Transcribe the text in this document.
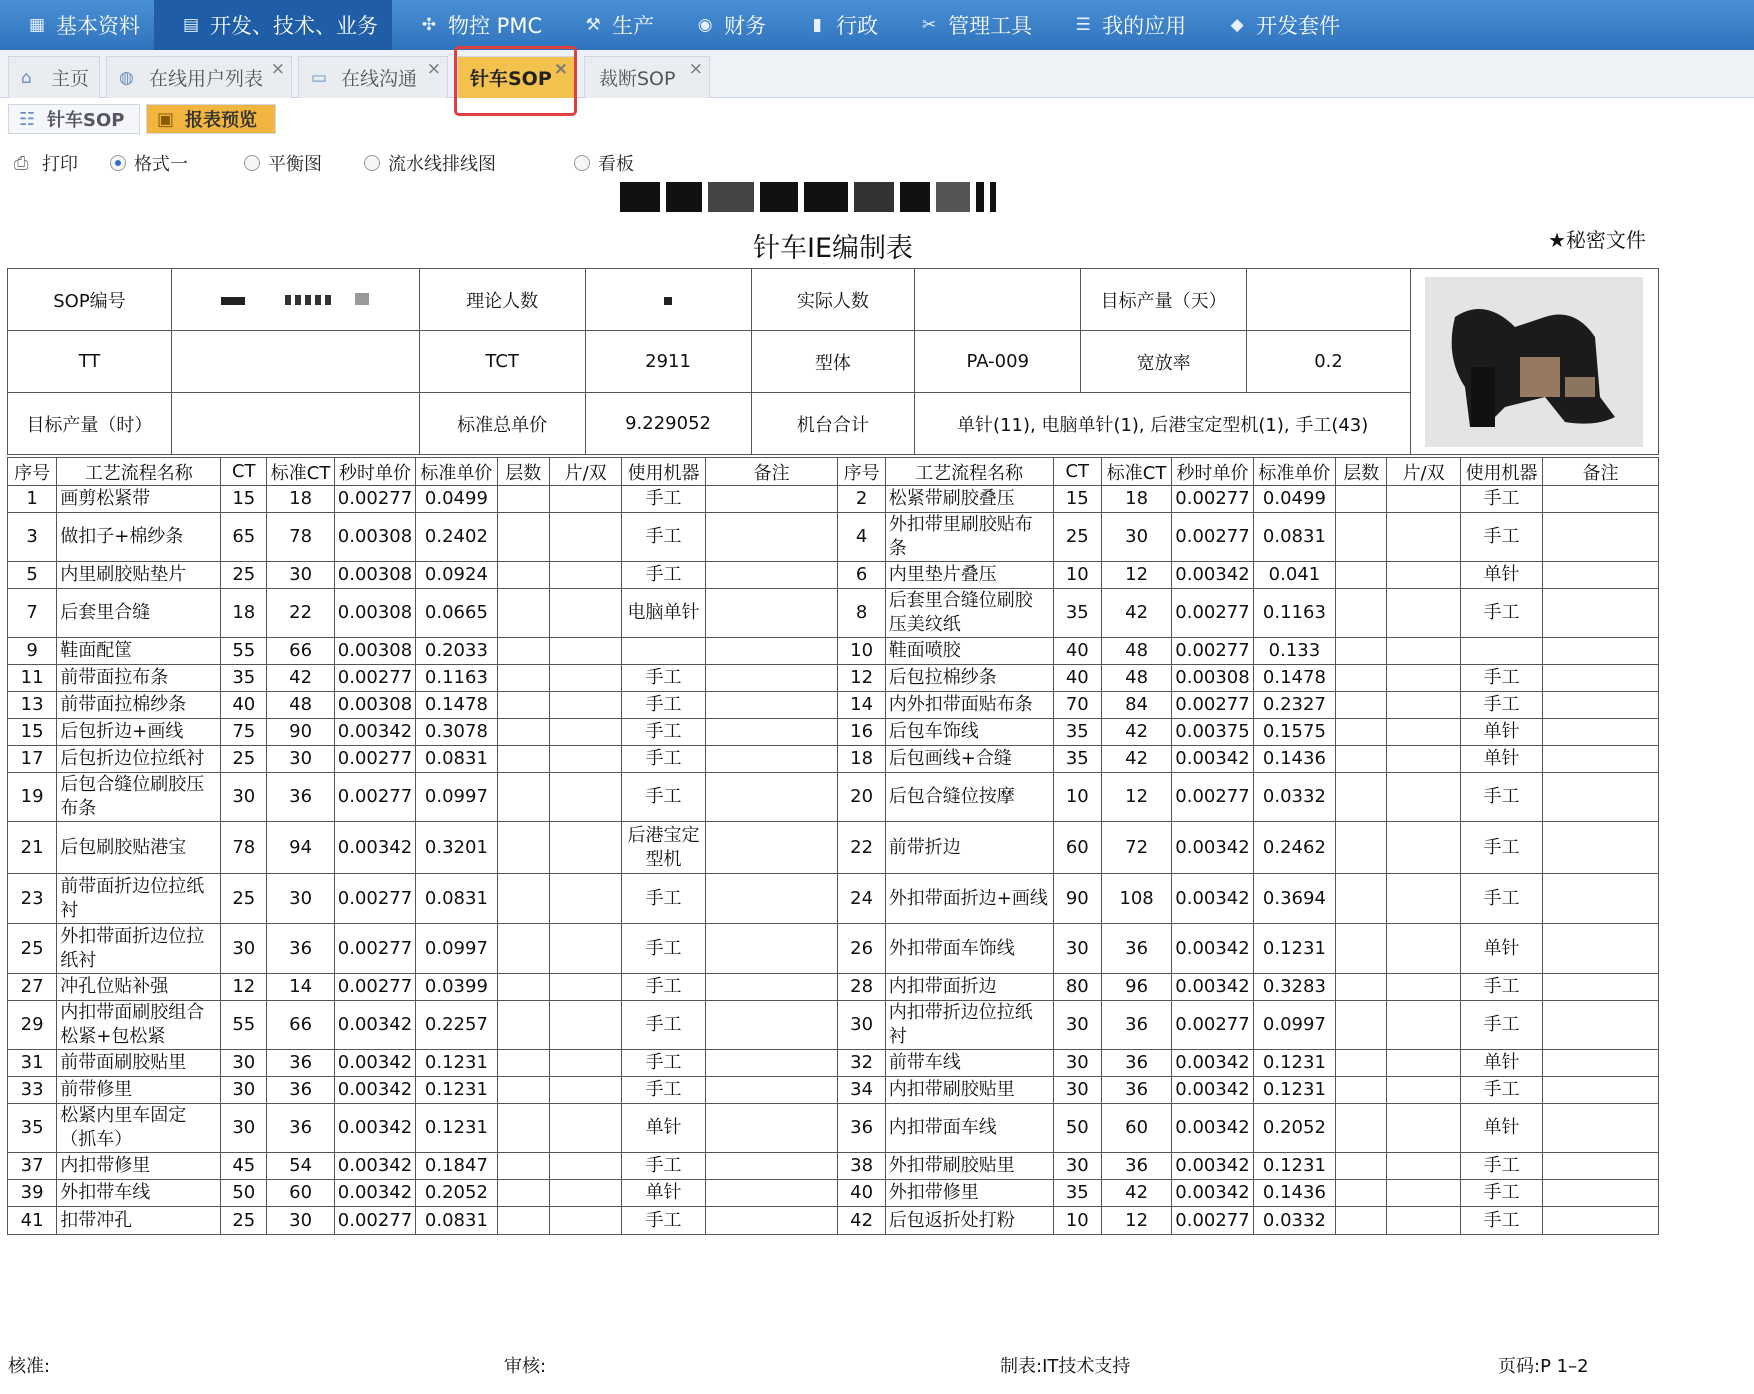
▦ 基本资料	▤ 开发、技术、业务	✣ 物控 PMC	⚒ 生产	◉ 财务	▮ 行政	✂ 管理工具	☰ 我的应用	◆ 开发套件
⌂	主页 ◍ 在线用户列表 × ▭ 在线沟通 × 针车SOP × 裁断SOP ×
☷ 针车SOP ▣ 报表预览
⎙ 打印	格式一	平衡图	流水线排线图	看板
针车IE编制表	★秘密文件
SOP编号		理论人数		实际人数		目标产量（天）		

TT		TCT	2911	型体	PA-009	宽放率	0.2	
目标产量（时）		标准总单价	9.229052	机台合计	单针(11), 电脑单针(1), 后港宝定型机(1), 手工(43)			
序号	工艺流程名称	CT	标准CT	秒时单价	标准单价	层数	片/双	使用机器	备注	序号	工艺流程名称	CT	标准CT	秒时单价	标准单价	层数	片/双	使用机器	备注
1	画剪松紧带	15	18	0.00277	0.0499			手工		2	松紧带刷胶叠压	15	18	0.00277	0.0499			手工	
3	做扣子+棉纱条	65	78	0.00308	0.2402			手工		4	外扣带里刷胶贴布条	25	30	0.00277	0.0831			手工	
5	内里刷胶贴垫片	25	30	0.00308	0.0924			手工		6	内里垫片叠压	10	12	0.00342	0.041			单针	
7	后套里合缝	18	22	0.00308	0.0665			电脑单针		8	后套里合缝位刷胶压美纹纸	35	42	0.00277	0.1163			手工	
9	鞋面配筐	55	66	0.00308	0.2033					10	鞋面喷胶	40	48	0.00277	0.133				
11	前带面拉布条	35	42	0.00277	0.1163			手工		12	后包拉棉纱条	40	48	0.00308	0.1478			手工	
13	前带面拉棉纱条	40	48	0.00308	0.1478			手工		14	内外扣带面贴布条	70	84	0.00277	0.2327			手工	
15	后包折边+画线	75	90	0.00342	0.3078			手工		16	后包车饰线	35	42	0.00375	0.1575			单针	
17	后包折边位拉纸衬	25	30	0.00277	0.0831			手工		18	后包画线+合缝	35	42	0.00342	0.1436			单针	
19	后包合缝位刷胶压布条	30	36	0.00277	0.0997			手工		20	后包合缝位按摩	10	12	0.00277	0.0332			手工	
21	后包刷胶贴港宝	78	94	0.00342	0.3201			后港宝定型机		22	前带折边	60	72	0.00342	0.2462			手工	
23	前带面折边位拉纸衬	25	30	0.00277	0.0831			手工		24	外扣带面折边+画线	90	108	0.00342	0.3694			手工	
25	外扣带面折边位拉纸衬	30	36	0.00277	0.0997			手工		26	外扣带面车饰线	30	36	0.00342	0.1231			单针	
27	冲孔位贴补强	12	14	0.00277	0.0399			手工		28	内扣带面折边	80	96	0.00342	0.3283			手工	
29	内扣带面刷胶组合松紧+包松紧	55	66	0.00342	0.2257			手工		30	内扣带折边位拉纸衬	30	36	0.00277	0.0997			手工	
31	前带面刷胶贴里	30	36	0.00342	0.1231			手工		32	前带车线	30	36	0.00342	0.1231			单针	
33	前带修里	30	36	0.00342	0.1231			手工		34	内扣带刷胶贴里	30	36	0.00342	0.1231			手工	
35	松紧内里车固定（抓车）	30	36	0.00342	0.1231			单针		36	内扣带面车线	50	60	0.00342	0.2052			单针	
37	内扣带修里	45	54	0.00342	0.1847			手工		38	外扣带刷胶贴里	30	36	0.00342	0.1231			手工	
39	外扣带车线	50	60	0.00342	0.2052			单针		40	外扣带修里	35	42	0.00342	0.1436			手工	
41	扣带冲孔	25	30	0.00277	0.0831			手工		42	后包返折处打粉	10	12	0.00277	0.0332			手工	
核准:	审核:	制表:IT技术支持	页码:P 1–2
